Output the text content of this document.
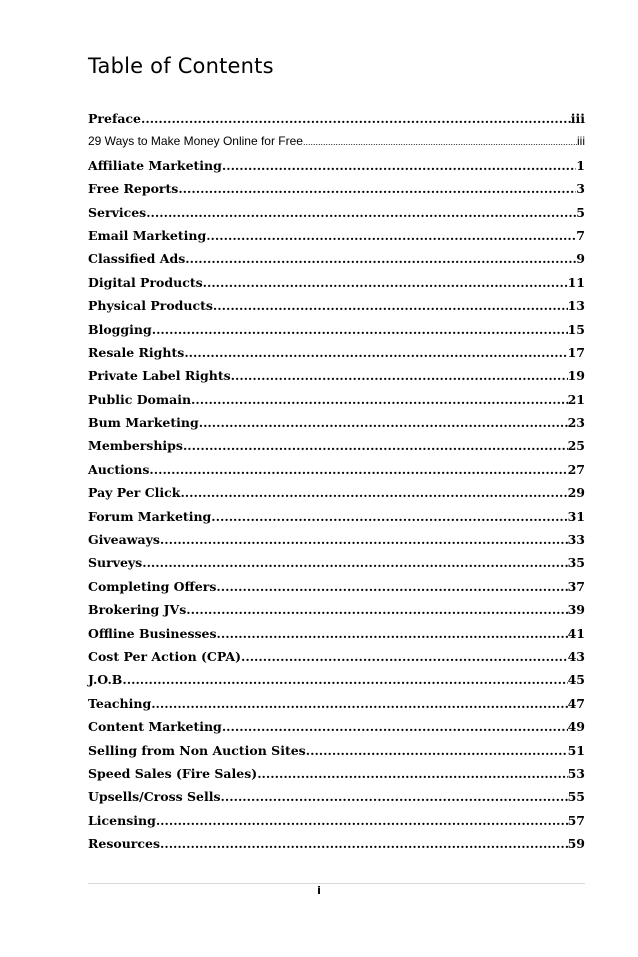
Table of Contents
Preface .....	iii
29 Ways to Make Money Online for Free .....	iii
Affiliate Marketing .....	1
Free Reports .....	3
Services .....	5
Email Marketing .....	7
Classified Ads .....	9
Digital Products .....	11
Physical Products .....	13
Blogging .....	15
Resale Rights .....	17
Private Label Rights .....	19
Public Domain .....	21
Bum Marketing .....	23
Memberships .....	25
Auctions .....	27
Pay Per Click .....	29
Forum Marketing .....	31
Giveaways .....	33
Surveys .....	35
Completing Offers .....	37
Brokering JVs .....	39
Offline Businesses .....	41
Cost Per Action (CPA) .....	43
J.O.B. .....	45
Teaching .....	47
Content Marketing .....	49
Selling from Non Auction Sites .....	51
Speed Sales (Fire Sales) .....	53
Upsells/Cross Sells .....	55
Licensing .....	57
Resources .....	59
i
